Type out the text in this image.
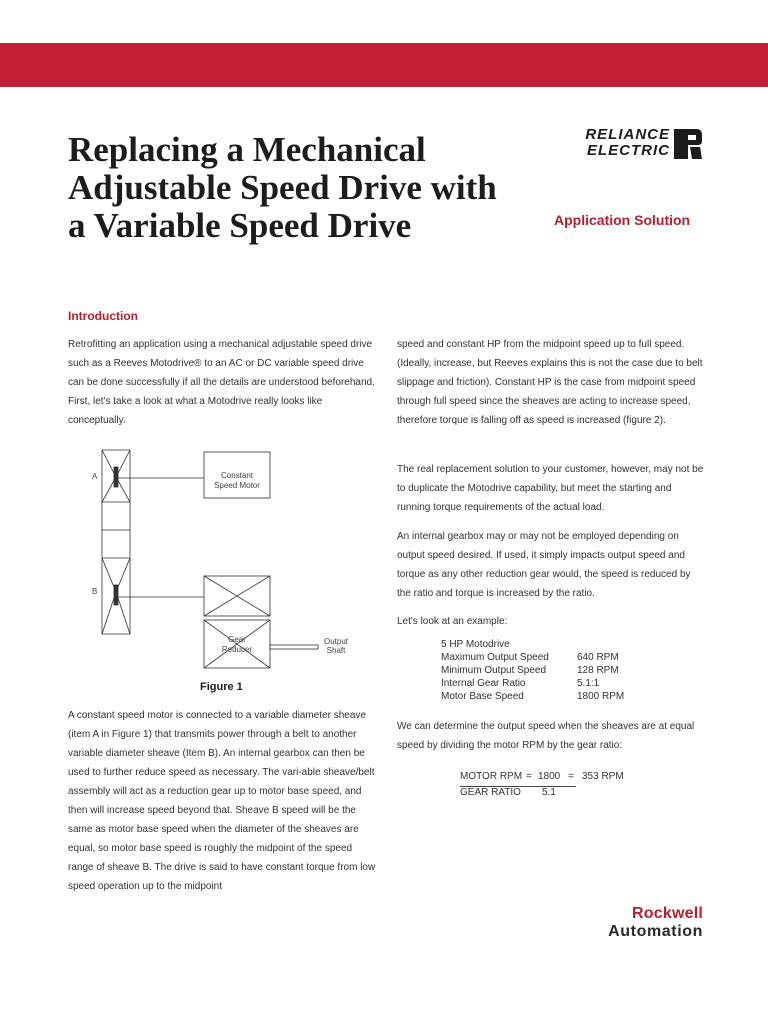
Replacing a Mechanical Adjustable Speed Drive with a Variable Speed Drive
RELIANCE
ELECTRIC
Application Solution
Introduction

Retrofitting an application using a mechanical adjustable speed drive such as a Reeves Motodrive® to an AC or DC variable speed drive can be done successfully if all the details are understood beforehand. First, let's take a look at what a Motodrive really looks like conceptually.

A
B
Constant
Speed Motor
Gear
Reducer
Output
Shaft
Figure 1

A constant speed motor is connected to a variable diameter sheave (item A in Figure 1) that transmits power through a belt to another variable diameter sheave (Item B). An internal gearbox can then be used to further reduce speed as necessary. The vari-able sheave/belt assembly will act as a reduction gear up to motor base speed, and then will increase speed beyond that. Sheave B speed will be the same as motor base speed when the diameter of the sheaves are equal, so motor base speed is roughly the midpoint of the speed range of sheave B. The drive is said to have constant torque from low speed operation up to the midpoint

speed and constant HP from the midpoint speed up to full speed. (Ideally, increase, but Reeves explains this is not the case due to belt slippage and friction). Constant HP is the case from midpoint speed through full speed since the sheaves are acting to increase speed, therefore torque is falling off as speed is increased (figure 2).

The real replacement solution to your customer, however, may not be to duplicate the Motodrive capability, but meet the starting and running torque requirements of the actual load.

An internal gearbox may or may not be employed depending on output speed desired. If used, it simply impacts output speed and torque as any other reduction gear would, the speed is reduced by the ratio and torque is increased by the ratio.

Let's look at an example:

5 HP Motodrive
Maximum Output Speed	640 RPM
Minimum Output Speed	128 RPM
Internal Gear Ratio	5.1:1
Motor Base Speed	1800 RPM

We can determine the output speed when the sheaves are at equal speed by dividing the motor RPM by the gear ratio:

MOTOR RPM = 1800 = 353 RPM
GEAR RATIO	5.1
Rockwell
Automation
